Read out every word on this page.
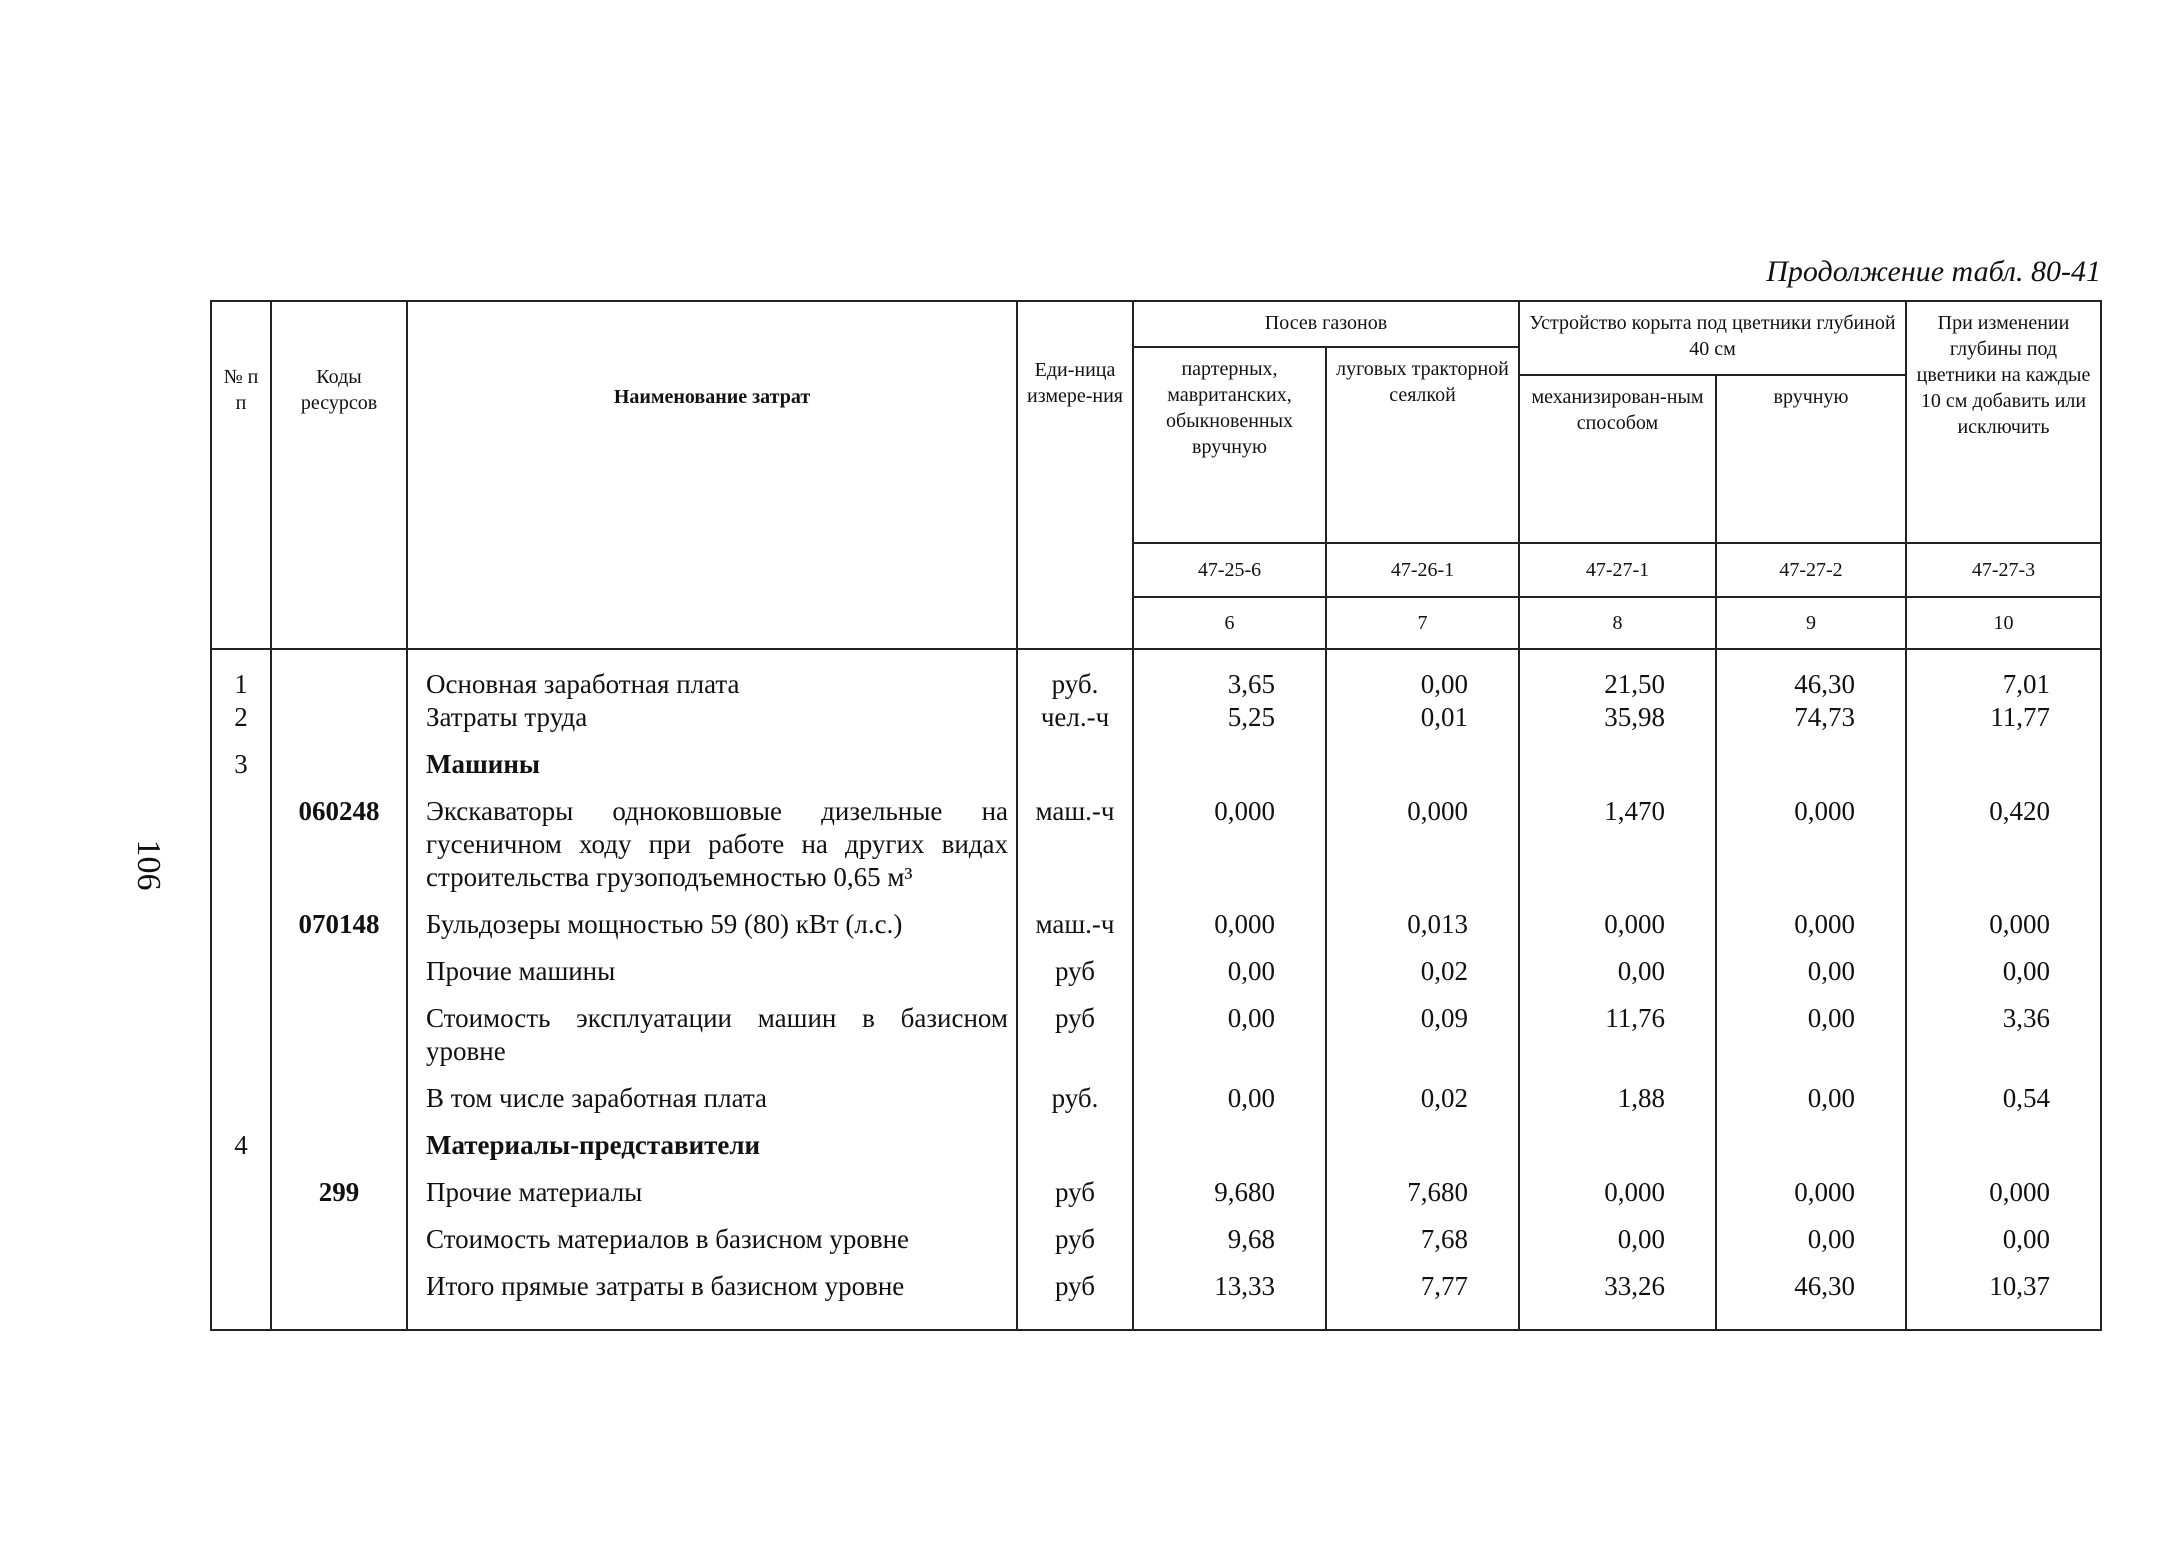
106
Продолжение табл. 80-41
№ п п	Коды ресурсов	Наименование затрат	Еди-ница измере-ния	Посев газонов		Устройство корыта под цветники глубиной 40 см		При изменении глубины под цветники на каждые 10 см добавить или исключить
				партерных, мавританских, обыкновенных вручную	луговых тракторной сеялкой			
						механизирован-ным способом	вручную	
				47-25-6	47-26-1	47-27-1	47-27-2	47-27-3
				6	7	8	9	10
1		Основная заработная плата	руб.	3,65	0,00	21,50	46,30	7,01
2		Затраты труда	чел.-ч	5,25	0,01	35,98	74,73	11,77
3		Машины						
	060248	Экскаваторы одноковшовые дизельные на гусеничном ходу при работе на других видах строительства грузоподъемностью 0,65 м³	маш.-ч	0,000	0,000	1,470	0,000	0,420
	070148	Бульдозеры мощностью 59 (80) кВт (л.с.)	маш.-ч	0,000	0,013	0,000	0,000	0,000
		Прочие машины	руб	0,00	0,02	0,00	0,00	0,00
		Стоимость эксплуатации машин в базисном уровне	руб	0,00	0,09	11,76	0,00	3,36
		В том числе заработная плата	руб.	0,00	0,02	1,88	0,00	0,54
4		Материалы-представители						
	299	Прочие материалы	руб	9,680	7,680	0,000	0,000	0,000
		Стоимость материалов в базисном уровне	руб	9,68	7,68	0,00	0,00	0,00
		Итого прямые затраты в базисном уровне	руб	13,33	7,77	33,26	46,30	10,37
